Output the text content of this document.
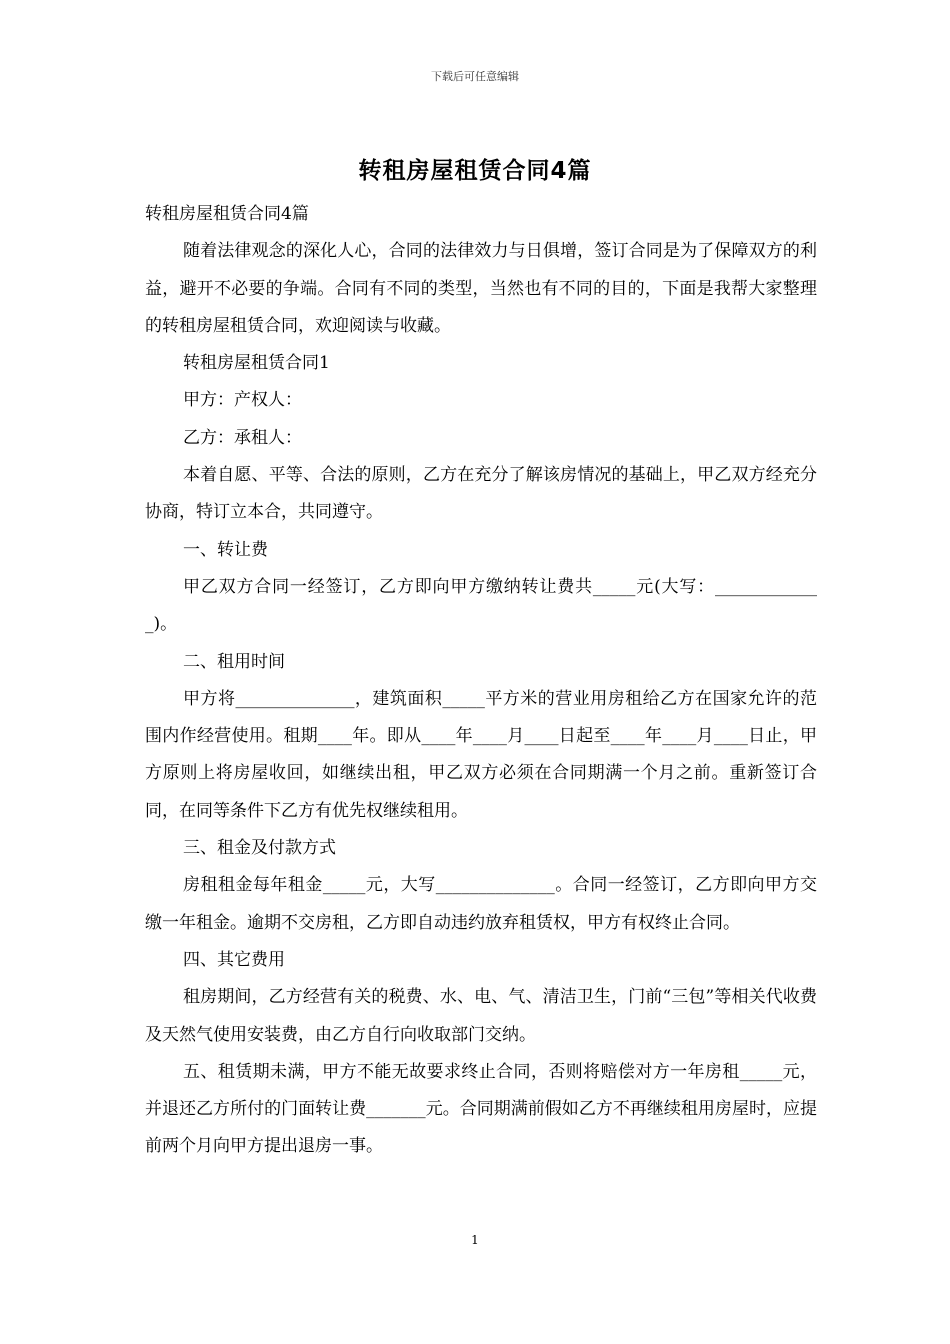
下载后可任意编辑
转租房屋租赁合同4篇

转租房屋租赁合同4篇

随着法律观念的深化人心，合同的法律效力与日俱增，签订合同是为了保障双方的利益，避开不必要的争端。合同有不同的类型，当然也有不同的目的，下面是我帮大家整理的转租房屋租赁合同，欢迎阅读与收藏。

转租房屋租赁合同1

甲方：产权人：

乙方：承租人：

本着自愿、平等、合法的原则，乙方在充分了解该房情况的基础上，甲乙双方经充分协商，特订立本合，共同遵守。

一、转让费

甲乙双方合同一经签订，乙方即向甲方缴纳转让费共_____元(大写：_____________)。

二、租用时间

甲方将______________，建筑面积_____平方米的营业用房租给乙方在国家允许的范围内作经营使用。租期____年。即从____年____月____日起至____年____月____日止，甲方原则上将房屋收回，如继续出租，甲乙双方必须在合同期满一个月之前。重新签订合同，在同等条件下乙方有优先权继续租用。

三、租金及付款方式

房租租金每年租金_____元，大写______________。合同一经签订，乙方即向甲方交缴一年租金。逾期不交房租，乙方即自动违约放弃租赁权，甲方有权终止合同。

四、其它费用

租房期间，乙方经营有关的税费、水、电、气、清洁卫生，门前“三包”等相关代收费及天然气使用安装费，由乙方自行向收取部门交纳。

五、租赁期未满，甲方不能无故要求终止合同，否则将赔偿对方一年房租_____元，并退还乙方所付的门面转让费_______元。合同期满前假如乙方不再继续租用房屋时，应提前两个月向甲方提出退房一事。

1
